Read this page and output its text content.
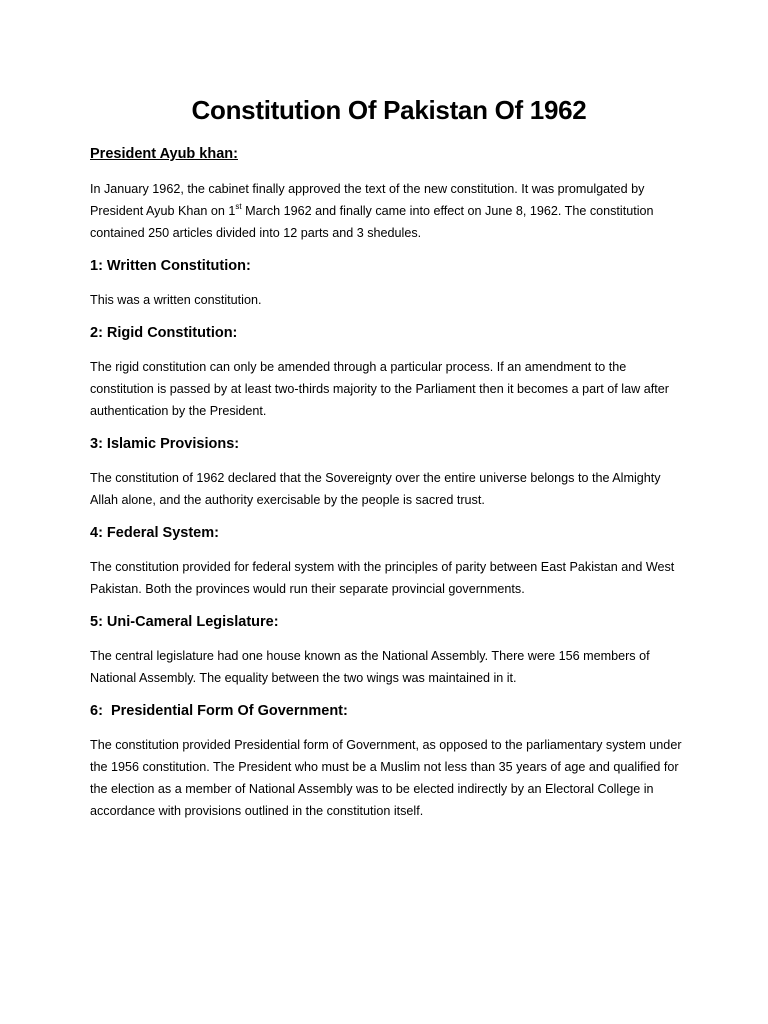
Constitution Of Pakistan Of 1962
President Ayub khan:

In January 1962, the cabinet finally approved the text of the new constitution. It was promulgated by President Ayub Khan on 1st March 1962 and finally came into effect on June 8, 1962. The constitution contained 250 articles divided into 12 parts and 3 shedules.

1: Written Constitution:

This was a written constitution.

2: Rigid Constitution:

The rigid constitution can only be amended through a particular process. If an amendment to the constitution is passed by at least two-thirds majority to the Parliament then it becomes a part of law after authentication by the President.

3: Islamic Provisions:

The constitution of 1962 declared that the Sovereignty over the entire universe belongs to the Almighty Allah alone, and the authority exercisable by the people is sacred trust.

4: Federal System:

The constitution provided for federal system with the principles of parity between East Pakistan and West Pakistan. Both the provinces would run their separate provincial governments.

5: Uni-Cameral Legislature:

The central legislature had one house known as the National Assembly. There were 156 members of National Assembly. The equality between the two wings was maintained in it.

6:  Presidential Form Of Government:

The constitution provided Presidential form of Government, as opposed to the parliamentary system under the 1956 constitution. The President who must be a Muslim not less than 35 years of age and qualified for the election as a member of National Assembly was to be elected indirectly by an Electoral College in accordance with provisions outlined in the constitution itself.
